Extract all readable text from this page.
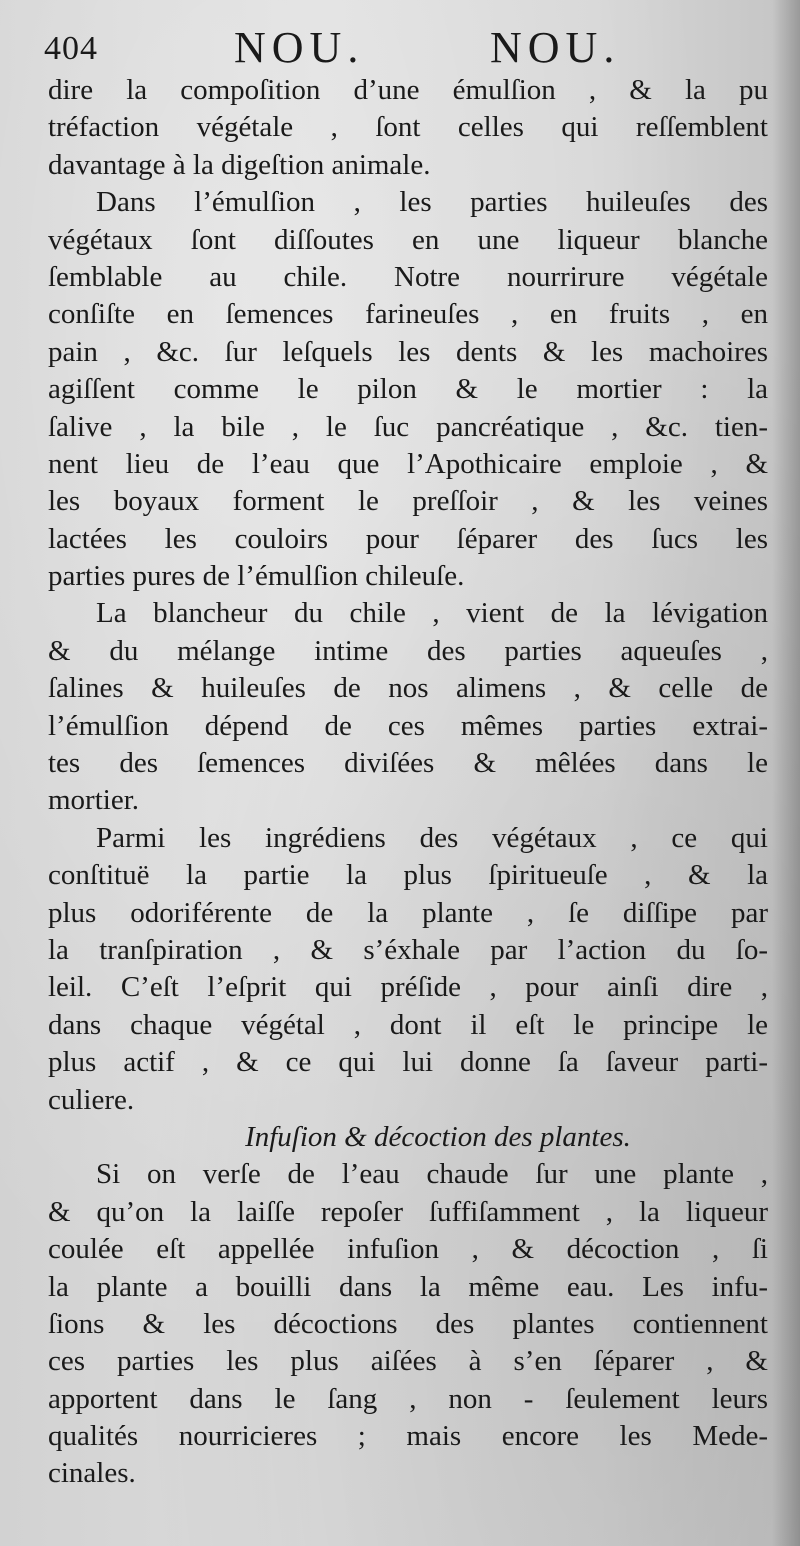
404	NOU.	NOU.
dire la compoſition d’une émulſion , & la pu
tréfaction végétale , ſont celles qui reſſemblent
davantage à la digeſtion animale.
Dans l’émulſion , les parties huileuſes des
végétaux ſont diſſoutes en une liqueur blanche
ſemblable au chile. Notre nourrirure végétale
conſiſte en ſemences farineuſes , en fruits , en
pain , &c. ſur leſquels les dents & les machoires
agiſſent comme le pilon & le mortier : la
ſalive , la bile , le ſuc pancréatique , &c. tien-
nent lieu de l’eau que l’Apothicaire emploie , &
les boyaux forment le preſſoir , & les veines
lactées les couloirs pour ſéparer des ſucs les
parties pures de l’émulſion chileuſe.
La blancheur du chile , vient de la lévigation
& du mélange intime des parties aqueuſes ,
ſalines & huileuſes de nos alimens , & celle de
l’émulſion dépend de ces mêmes parties extrai-
tes des ſemences diviſées & mêlées dans le
mortier.
Parmi les ingrédiens des végétaux , ce qui
conſtituë la partie la plus ſpiritueuſe , & la
plus odoriférente de la plante , ſe diſſipe par
la tranſpiration , & s’éxhale par l’action du ſo-
leil. C’eſt l’eſprit qui préſide , pour ainſi dire ,
dans chaque végétal , dont il eſt le principe le
plus actif , & ce qui lui donne ſa ſaveur parti-
culiere.
Infuſion & décoction des plantes.
Si on verſe de l’eau chaude ſur une plante ,
& qu’on la laiſſe repoſer ſuffiſamment , la liqueur
coulée eſt appellée infuſion , & décoction , ſi
la plante a bouilli dans la même eau. Les infu-
ſions & les décoctions des plantes contiennent
ces parties les plus aiſées à s’en ſéparer , &
apportent dans le ſang , non - ſeulement leurs
qualités nourricieres ; mais encore les Mede-
cinales.
